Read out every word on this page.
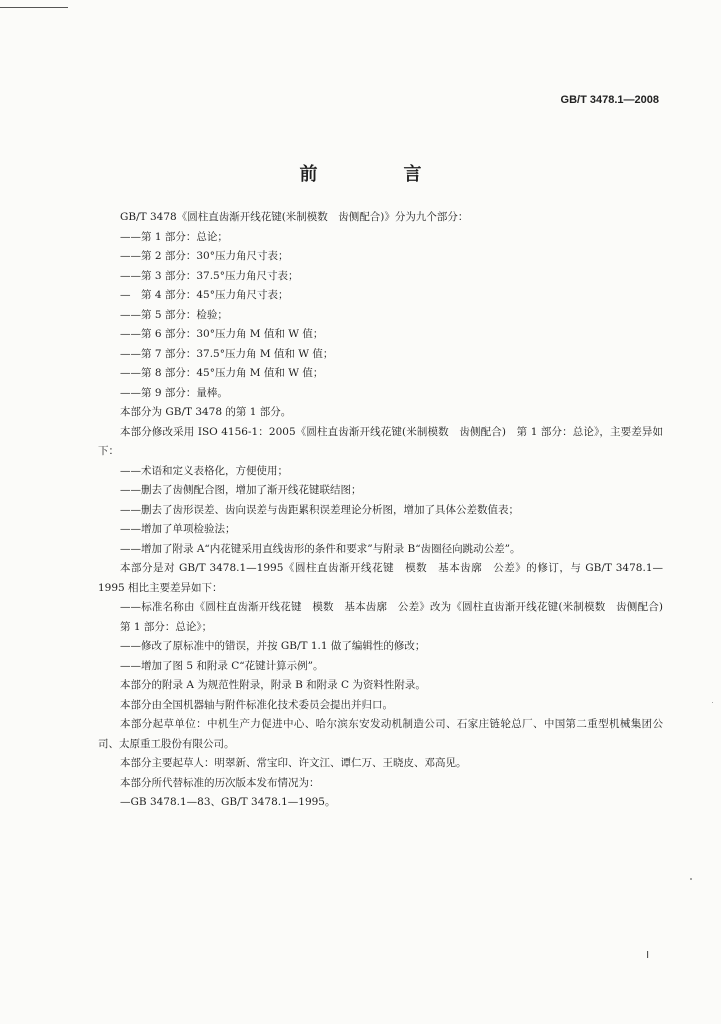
GB/T 3478.1—2008
前　言

GB/T 3478《圆柱直齿渐开线花键(米制模数　齿侧配合)》分为九个部分：

——第 1 部分：总论；

——第 2 部分：30°压力角尺寸表；

——第 3 部分：37.5°压力角尺寸表；

—　第 4 部分：45°压力角尺寸表；

——第 5 部分：检验；

——第 6 部分：30°压力角 M 值和 W 值；

——第 7 部分：37.5°压力角 M 值和 W 值；

——第 8 部分：45°压力角 M 值和 W 值；

——第 9 部分：量棒。

本部分为 GB/T 3478 的第 1 部分。

本部分修改采用 ISO 4156-1：2005《圆柱直齿渐开线花键(米制模数　齿侧配合)　第 1 部分：总论》，主要差异如下：

——术语和定义表格化，方便使用；

——删去了齿侧配合图，增加了渐开线花键联结图；

——删去了齿形误差、齿向误差与齿距累积误差理论分析图，增加了具体公差数值表；

——增加了单项检验法；

——增加了附录 A“内花键采用直线齿形的条件和要求”与附录 B“齿圈径向跳动公差”。

本部分是对 GB/T 3478.1—1995《圆柱直齿渐开线花键　模数　基本齿廓　公差》的修订，与 GB/T 3478.1—1995 相比主要差异如下：

——标准名称由《圆柱直齿渐开线花键　模数　基本齿廓　公差》改为《圆柱直齿渐开线花键(米制模数　齿侧配合)　第 1 部分：总论》；

——修改了原标准中的错误，并按 GB/T 1.1 做了编辑性的修改；

——增加了图 5 和附录 C“花键计算示例”。

本部分的附录 A 为规范性附录，附录 B 和附录 C 为资料性附录。

本部分由全国机器轴与附件标准化技术委员会提出并归口。

本部分起草单位：中机生产力促进中心、哈尔滨东安发动机制造公司、石家庄链轮总厂、中国第二重型机械集团公司、太原重工股份有限公司。

本部分主要起草人：明翠新、常宝印、许文江、谭仁万、王晓皮、邓高见。

本部分所代替标准的历次版本发布情况为：

—GB 3478.1—83、GB/T 3478.1—1995。

I
